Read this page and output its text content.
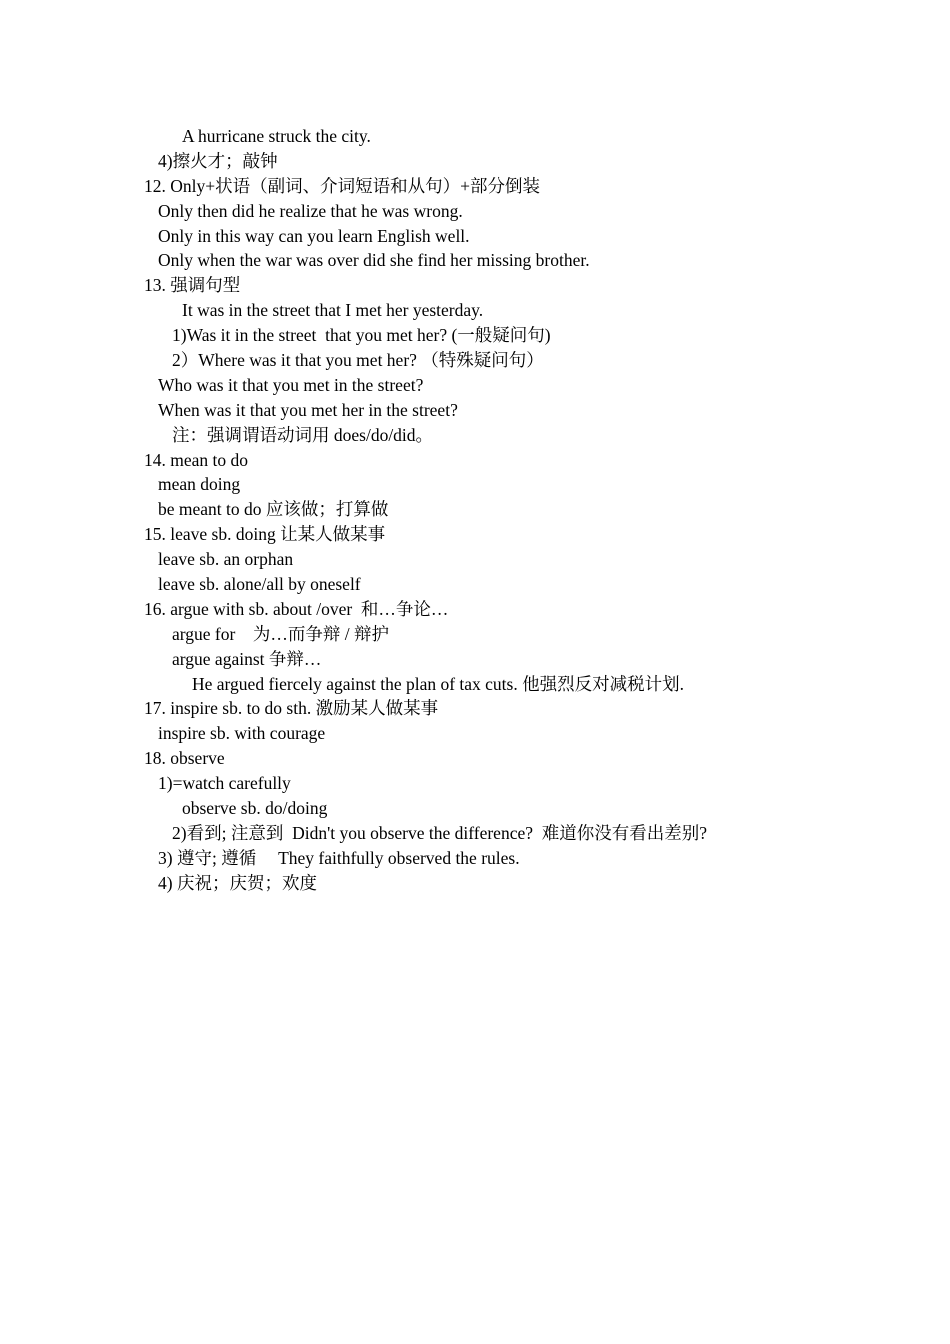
A hurricane struck the city.
4)擦火才；敲钟
12. Only+状语（副词、介词短语和从句）+部分倒装
Only then did he realize that he was wrong.
Only in this way can you learn English well.
Only when the war was over did she find her missing brother.
13. 强调句型
It was in the street that I met her yesterday.
1)Was it in the street  that you met her? (一般疑问句)
2）Where was it that you met her? （特殊疑问句）
Who was it that you met in the street?
When was it that you met her in the street?
注：强调谓语动词用 does/do/did。
14. mean to do
mean doing
be meant to do 应该做；打算做
15. leave sb. doing 让某人做某事
leave sb. an orphan
leave sb. alone/all by oneself
16. argue with sb. about /over  和…争论…
argue for    为…而争辩 / 辩护
argue against 争辩…
He argued fiercely against the plan of tax cuts. 他强烈反对减税计划.
17. inspire sb. to do sth. 激励某人做某事
inspire sb. with courage
18. observe
1)=watch carefully
observe sb. do/doing
2)看到; 注意到  Didn't you observe the difference?  难道你没有看出差别?
3) 遵守; 遵循     They faithfully observed the rules.
4) 庆祝；庆贺；欢度
